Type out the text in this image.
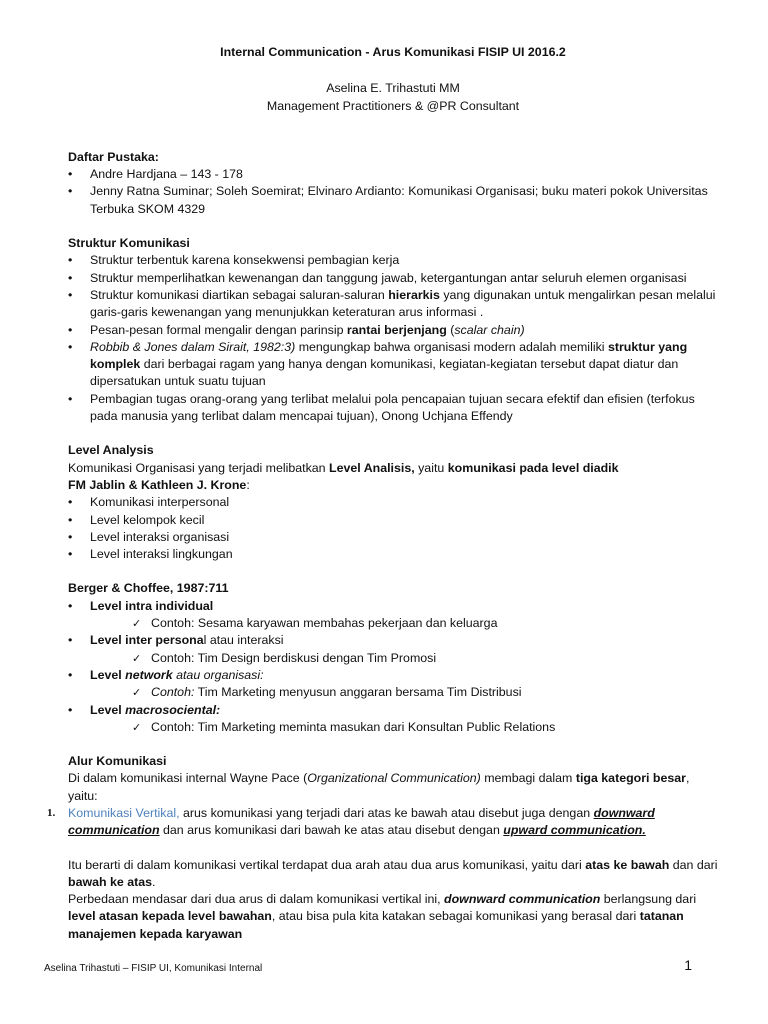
Internal Communication - Arus Komunikasi FISIP UI 2016.2
Aselina E. Trihastuti MM
Management Practitioners & @PR Consultant
Daftar Pustaka:
• Andre Hardjana – 143 - 178
• Jenny Ratna Suminar; Soleh Soemirat; Elvinaro Ardianto: Komunikasi Organisasi; buku materi pokok Universitas Terbuka SKOM 4329
Struktur Komunikasi
• Struktur terbentuk karena konsekwensi pembagian kerja
• Struktur memperlihatkan kewenangan dan tanggung jawab, ketergantungan antar seluruh elemen organisasi
• Struktur komunikasi diartikan sebagai saluran-saluran hierarkis yang digunakan untuk mengalirkan pesan melalui garis-garis kewenangan yang menunjukkan keteraturan arus informasi .
• Pesan-pesan formal mengalir dengan parinsip rantai berjenjang (scalar chain)
• Robbib & Jones dalam Sirait, 1982:3) mengungkap bahwa organisasi modern adalah memiliki struktur yang komplek dari berbagai ragam yang hanya dengan komunikasi, kegiatan-kegiatan tersebut dapat diatur dan dipersatukan untuk suatu tujuan
• Pembagian tugas orang-orang yang terlibat melalui pola pencapaian tujuan secara efektif dan efisien (terfokus pada manusia yang terlibat dalam mencapai tujuan), Onong Uchjana Effendy
Level Analysis
Komunikasi Organisasi yang terjadi melibatkan Level Analisis, yaitu komunikasi pada level diadik
FM Jablin & Kathleen J. Krone:
• Komunikasi interpersonal
• Level kelompok kecil
• Level interaksi organisasi
• Level interaksi lingkungan
Berger & Choffee, 1987:711
• Level intra individual
✓ Contoh: Sesama karyawan membahas pekerjaan dan keluarga
• Level inter personal atau interaksi
✓ Contoh: Tim Design berdiskusi dengan Tim Promosi
• Level network atau organisasi:
✓ Contoh: Tim Marketing menyusun anggaran bersama Tim Distribusi
• Level macrosociental:
✓ Contoh: Tim Marketing meminta masukan dari Konsultan Public Relations
Alur Komunikasi
Di dalam komunikasi internal Wayne Pace (Organizational Communication) membagi dalam tiga kategori besar, yaitu:
1. Komunikasi Vertikal, arus komunikasi yang terjadi dari atas ke bawah atau disebut juga dengan downward communication dan arus komunikasi dari bawah ke atas atau disebut dengan upward communication.
Itu berarti di dalam komunikasi vertikal terdapat dua arah atau dua arus komunikasi, yaitu dari atas ke bawah dan dari bawah ke atas.
Perbedaan mendasar dari dua arus di dalam komunikasi vertikal ini, downward communication berlangsung dari level atasan kepada level bawahan, atau bisa pula kita katakan sebagai komunikasi yang berasal dari tatanan manajemen kepada karyawan
Aselina Trihastuti – FISIP UI, Komunikasi Internal	1
